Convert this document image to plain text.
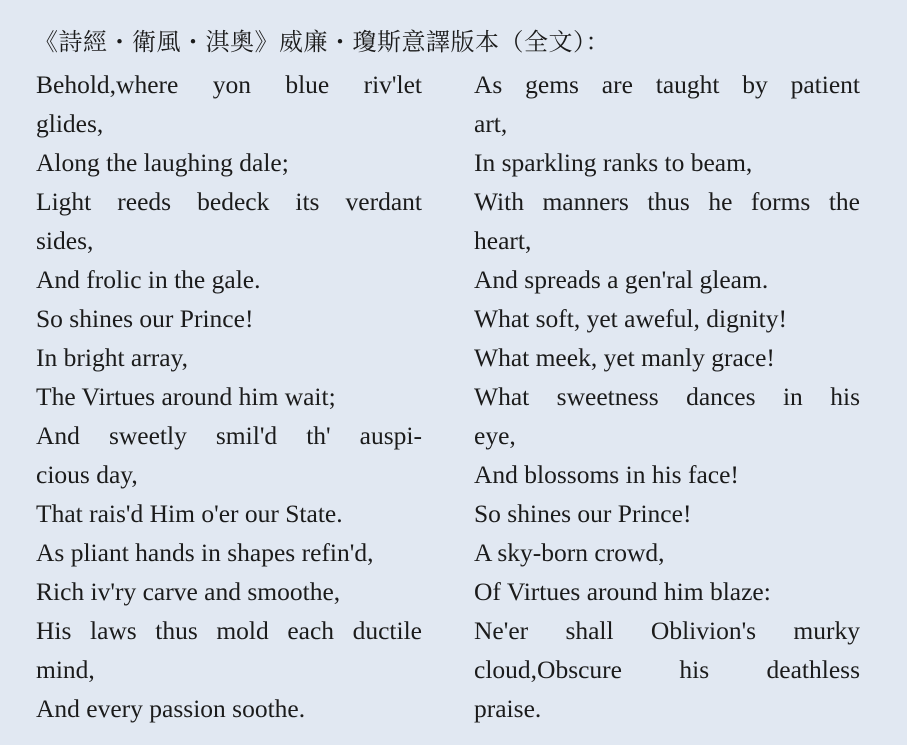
《詩經・衛風・淇奧》威廉・瓊斯意譯版本（全文）：
Behold,where yon blue riv'let
glides,
Along the laughing dale;
Light reeds bedeck its verdant
sides,
And frolic in the gale.
So shines our Prince!
In bright array,
The Virtues around him wait;
And sweetly smil'd th' auspi-
cious day,
That rais'd Him o'er our State.
As pliant hands in shapes refin'd,
Rich iv'ry carve and smoothe,
His laws thus mold each ductile
mind,
And every passion soothe.
As gems are taught by patient
art,
In sparkling ranks to beam,
With manners thus he forms the
heart,
And spreads a gen'ral gleam.
What soft, yet aweful, dignity!
What meek, yet manly grace!
What sweetness dances in his
eye,
And blossoms in his face!
So shines our Prince!
A sky-born crowd,
Of Virtues around him blaze:
Ne'er shall Oblivion's murky
cloud,Obscure his deathless
praise.
